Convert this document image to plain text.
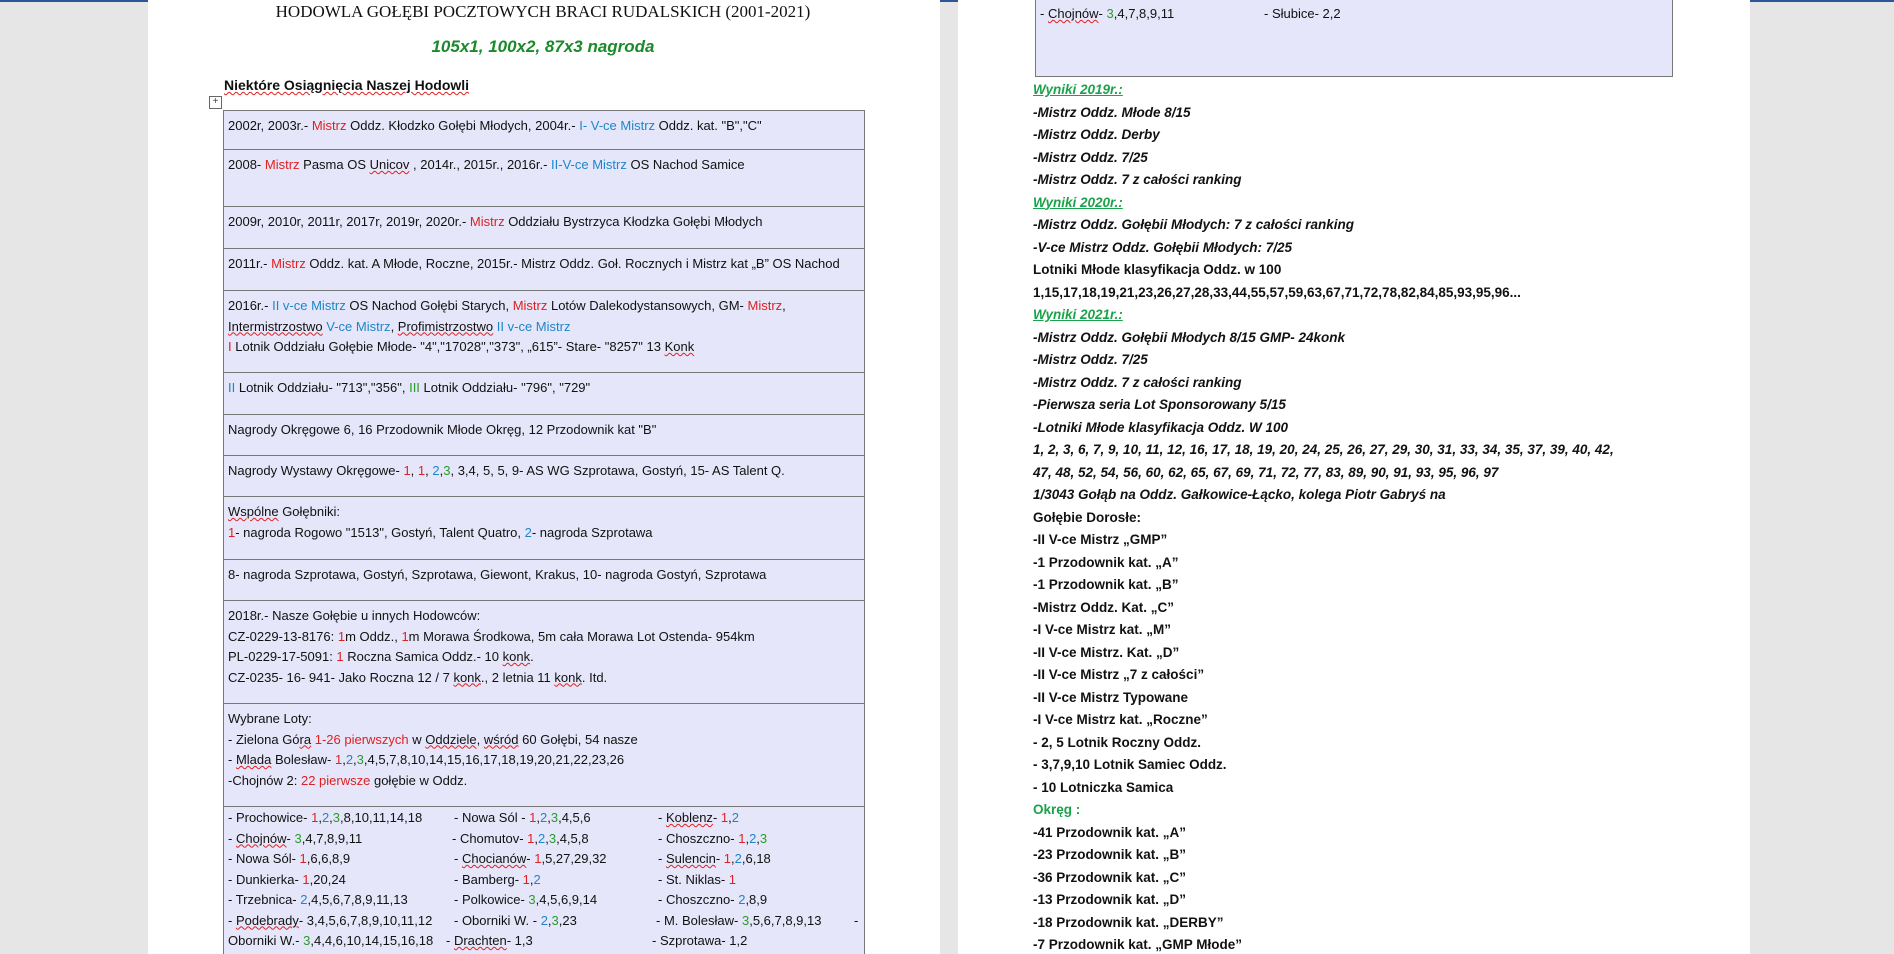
HODOWLA GOŁĘBI POCZTOWYCH BRACI RUDALSKICH (2001-2021)
105x1, 100x2, 87x3 nagroda
Niektóre Osiągnięcia Naszej Hodowli
+
2002r, 2003r.- Mistrz Oddz. Kłodzko Gołębi Młodych, 2004r.- I- V-ce Mistrz Oddz. kat. "B","C"
2008- Mistrz Pasma OS Unicov , 2014r., 2015r., 2016r.- II-V-ce Mistrz OS Nachod Samice
2009r, 2010r, 2011r, 2017r, 2019r, 2020r.- Mistrz Oddziału Bystrzyca Kłodzka Gołębi Młodych
2011r.- Mistrz Oddz. kat. A Młode, Roczne, 2015r.- Mistrz Oddz. Goł. Rocznych i Mistrz kat „B” OS Nachod
2016r.- II v-ce Mistrz OS Nachod Gołębi Starych, Mistrz Lotów Dalekodystansowych, GM- Mistrz,
Intermistrzostwo V-ce Mistrz, Profimistrzostwo II v-ce Mistrz
I Lotnik Oddziału Gołębie Młode- "4","17028","373", „615”- Stare- "8257" 13 Konk
II Lotnik Oddziału- "713","356", III Lotnik Oddziału- "796", "729"
Nagrody Okręgowe 6, 16 Przodownik Młode Okręg, 12 Przodownik kat "B"
Nagrody Wystawy Okręgowe- 1, 1, 2,3, 3,4, 5, 5, 9- AS WG Szprotawa, Gostyń, 15- AS Talent Q.
Wspólne Gołębniki:
1- nagroda Rogowo "1513", Gostyń, Talent Quatro, 2- nagroda Szprotawa
8- nagroda Szprotawa, Gostyń, Szprotawa, Giewont, Krakus, 10- nagroda Gostyń, Szprotawa
2018r.- Nasze Gołębie u innych Hodowców:
CZ-0229-13-8176: 1m Oddz., 1m Morawa Środkowa, 5m cała Morawa Lot Ostenda- 954km
PL-0229-17-5091: 1 Roczna Samica Oddz.- 10 konk.
CZ-0235- 16- 941- Jako Roczna 12 / 7 konk., 2 letnia 11 konk. Itd.
Wybrane Loty:
- Zielona Góra 1-26 pierwszych w Oddziele, wśród 60 Gołębi, 54 nasze
- Mlada Bolesław- 1,2,3,4,5,7,8,10,14,15,16,17,18,19,20,21,22,23,26
-Chojnów 2: 22 pierwsze gołębie w Oddz.
- Prochowice- 1,2,3,8,10,11,14,18 - Nowa Sól - 1,2,3,4,5,6	- Koblenz- 1,2
- Chojnów- 3,4,7,8,9,11	- Chomutov- 1,2,3,4,5,8	- Choszczno- 1,2,3
- Nowa Sól- 1,6,6,8,9	- Chocianów- 1,5,27,29,32	- Sulencin- 1,2,6,18
- Dunkierka- 1,20,24	- Bamberg- 1,2	- St. Niklas- 1
- Trzebnica- 2,4,5,6,7,8,9,11,13	- Polkowice- 3,4,5,6,9,14	- Choszczno- 2,8,9
- Podebrady- 3,4,5,6,7,8,9,10,11,12 - Oborniki W. - 2,3,23	- M. Bolesław- 3,5,6,7,8,9,13	-
Oborniki W.- 3,4,4,6,10,14,15,16,18 - Drachten- 1,3	- Szprotawa- 1,2
- Chojnów- 3,4,7,8,9,11	- Słubice- 2,2
Wyniki 2019r.:
-Mistrz Oddz. Młode 8/15
-Mistrz Oddz. Derby
-Mistrz Oddz. 7/25
-Mistrz Oddz. 7 z całości ranking
Wyniki 2020r.:
-Mistrz Oddz. Gołębii Młodych: 7 z całości ranking
-V-ce Mistrz Oddz. Gołębii Młodych: 7/25
Lotniki Młode klasyfikacja Oddz. w 100
1,15,17,18,19,21,23,26,27,28,33,44,55,57,59,63,67,71,72,78,82,84,85,93,95,96...
Wyniki 2021r.:
-Mistrz Oddz. Gołębii Młodych 8/15 GMP- 24konk
-Mistrz Oddz. 7/25
-Mistrz Oddz. 7 z całości ranking
-Pierwsza seria Lot Sponsorowany 5/15
-Lotniki Młode klasyfikacja Oddz. W 100
1, 2, 3, 6, 7, 9, 10, 11, 12, 16, 17, 18, 19, 20, 24, 25, 26, 27, 29, 30, 31, 33, 34, 35, 37, 39, 40, 42,
47, 48, 52, 54, 56, 60, 62, 65, 67, 69, 71, 72, 77, 83, 89, 90, 91, 93, 95, 96, 97
1/3043 Gołąb na Oddz. Gałkowice-Łącko, kolega Piotr Gabryś na
Gołębie Dorosłe:
-II V-ce Mistrz „GMP”
-1 Przodownik kat. „A”
-1 Przodownik kat. „B”
-Mistrz Oddz. Kat. „C”
-I V-ce Mistrz kat. „M”
-II V-ce Mistrz. Kat. „D”
-II V-ce Mistrz „7 z całości”
-II V-ce Mistrz Typowane
-I V-ce Mistrz kat. „Roczne”
- 2, 5 Lotnik Roczny Oddz.
- 3,7,9,10 Lotnik Samiec Oddz.
- 10 Lotniczka Samica
Okręg :
-41 Przodownik kat. „A”
-23 Przodownik kat. „B”
-36 Przodownik kat. „C”
-13 Przodownik kat. „D”
-18 Przodownik kat. „DERBY”
-7 Przodownik kat. „GMP Młode”
